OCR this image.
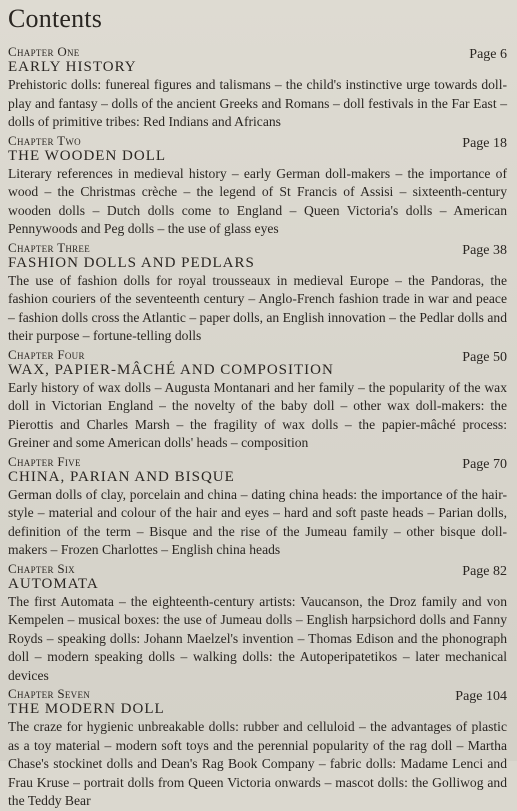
Contents
Chapter One	Page 6
EARLY HISTORY

Prehistoric dolls: funereal figures and talismans – the child's instinctive urge towards doll-play and fantasy – dolls of the ancient Greeks and Romans – doll festivals in the Far East – dolls of primitive tribes: Red Indians and Africans

Chapter Two	Page 18
THE WOODEN DOLL

Literary references in medieval history – early German doll-makers – the importance of wood – the Christmas crèche – the legend of St Francis of Assisi – sixteenth-century wooden dolls – Dutch dolls come to England – Queen Victoria's dolls – American Pennywoods and Peg dolls – the use of glass eyes

Chapter Three	Page 38
FASHION DOLLS AND PEDLARS

The use of fashion dolls for royal trousseaux in medieval Europe – the Pandoras, the fashion couriers of the seventeenth century – Anglo-French fashion trade in war and peace – fashion dolls cross the Atlantic – paper dolls, an English innovation – the Pedlar dolls and their purpose – fortune-telling dolls

Chapter Four	Page 50
WAX, PAPIER-MÂCHÉ AND COMPOSITION

Early history of wax dolls – Augusta Montanari and her family – the popularity of the wax doll in Victorian England – the novelty of the baby doll – other wax doll-makers: the Pierottis and Charles Marsh – the fragility of wax dolls – the papier-mâché process: Greiner and some American dolls' heads – composition

Chapter Five	Page 70
CHINA, PARIAN AND BISQUE

German dolls of clay, porcelain and china – dating china heads: the importance of the hair-style – material and colour of the hair and eyes – hard and soft paste heads – Parian dolls, definition of the term – Bisque and the rise of the Jumeau family – other bisque doll-makers – Frozen Charlottes – English china heads

Chapter Six	Page 82
AUTOMATA

The first Automata – the eighteenth-century artists: Vaucanson, the Droz family and von Kempelen – musical boxes: the use of Jumeau dolls – English harpsichord dolls and Fanny Royds – speaking dolls: Johann Maelzel's invention – Thomas Edison and the phonograph doll – modern speaking dolls – walking dolls: the Autoperipatetikos – later mechanical devices

Chapter Seven	Page 104
THE MODERN DOLL

The craze for hygienic unbreakable dolls: rubber and celluloid – the advantages of plastic as a toy material – modern soft toys and the perennial popularity of the rag doll – Martha Chase's stockinet dolls and Dean's Rag Book Company – fabric dolls: Madame Lenci and Frau Kruse – portrait dolls from Queen Victoria onwards – mascot dolls: the Golliwog and the Teddy Bear
